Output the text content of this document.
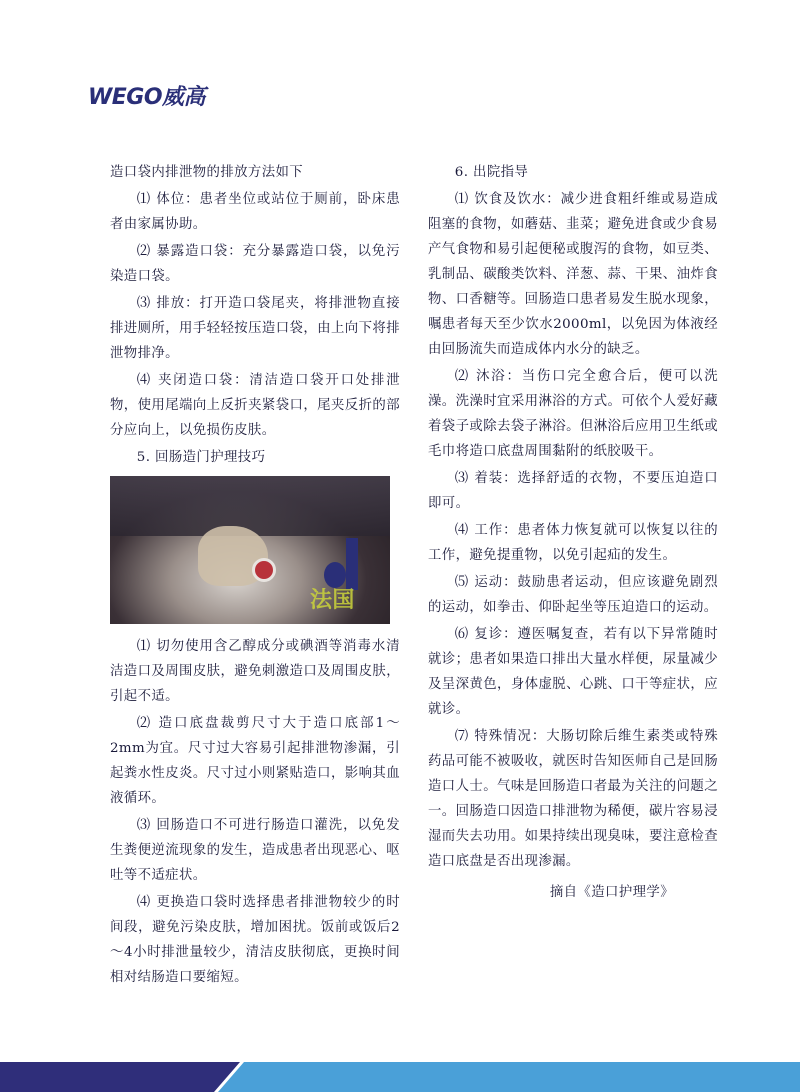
WEGO威高

造口袋内排泄物的排放方法如下

⑴ 体位：患者坐位或站位于厕前，卧床患者由家属协助。

⑵ 暴露造口袋：充分暴露造口袋，以免污染造口袋。

⑶ 排放：打开造口袋尾夹，将排泄物直接排进厕所，用手轻轻按压造口袋，由上向下将排泄物排净。

⑷ 夹闭造口袋：清洁造口袋开口处排泄物，使用尾端向上反折夹紧袋口，尾夹反折的部分应向上，以免损伤皮肤。

5. 回肠造门护理技巧

法国

⑴ 切勿使用含乙醇成分或碘酒等消毒水清洁造口及周围皮肤，避免刺激造口及周围皮肤，引起不适。

⑵ 造口底盘裁剪尺寸大于造口底部1～2mm为宜。尺寸过大容易引起排泄物渗漏，引起粪水性皮炎。尺寸过小则紧贴造口，影响其血液循环。

⑶ 回肠造口不可进行肠造口灌洗，以免发生粪便逆流现象的发生，造成患者出现恶心、呕吐等不适症状。

⑷ 更换造口袋时选择患者排泄物较少的时间段，避免污染皮肤，增加困扰。饭前或饭后2～4小时排泄量较少，清洁皮肤彻底，更换时间相对结肠造口要缩短。

6. 出院指导

⑴ 饮食及饮水：减少进食粗纤维或易造成阻塞的食物，如蘑菇、韭菜；避免进食或少食易产气食物和易引起便秘或腹泻的食物，如豆类、乳制品、碳酸类饮料、洋葱、蒜、干果、油炸食物、口香糖等。回肠造口患者易发生脱水现象，嘱患者每天至少饮水2000ml，以免因为体液经由回肠流失而造成体内水分的缺乏。

⑵ 沐浴：当伤口完全愈合后，便可以洗澡。洗澡时宜采用淋浴的方式。可依个人爱好藏着袋子或除去袋子淋浴。但淋浴后应用卫生纸或毛巾将造口底盘周围黏附的纸胶吸干。

⑶ 着装：选择舒适的衣物，不要压迫造口即可。

⑷ 工作：患者体力恢复就可以恢复以往的工作，避免提重物，以免引起疝的发生。

⑸ 运动：鼓励患者运动，但应该避免剧烈的运动，如拳击、仰卧起坐等压迫造口的运动。

⑹ 复诊：遵医嘱复查，若有以下异常随时就诊；患者如果造口排出大量水样便，尿量减少及呈深黄色，身体虚脱、心跳、口干等症状，应就诊。

⑺ 特殊情况：大肠切除后维生素类或特殊药品可能不被吸收，就医时告知医师自己是回肠造口人士。气味是回肠造口者最为关注的问题之一。回肠造口因造口排泄物为稀便，碳片容易浸湿而失去功用。如果持续出现臭味，要注意检查造口底盘是否出现渗漏。

摘自《造口护理学》
